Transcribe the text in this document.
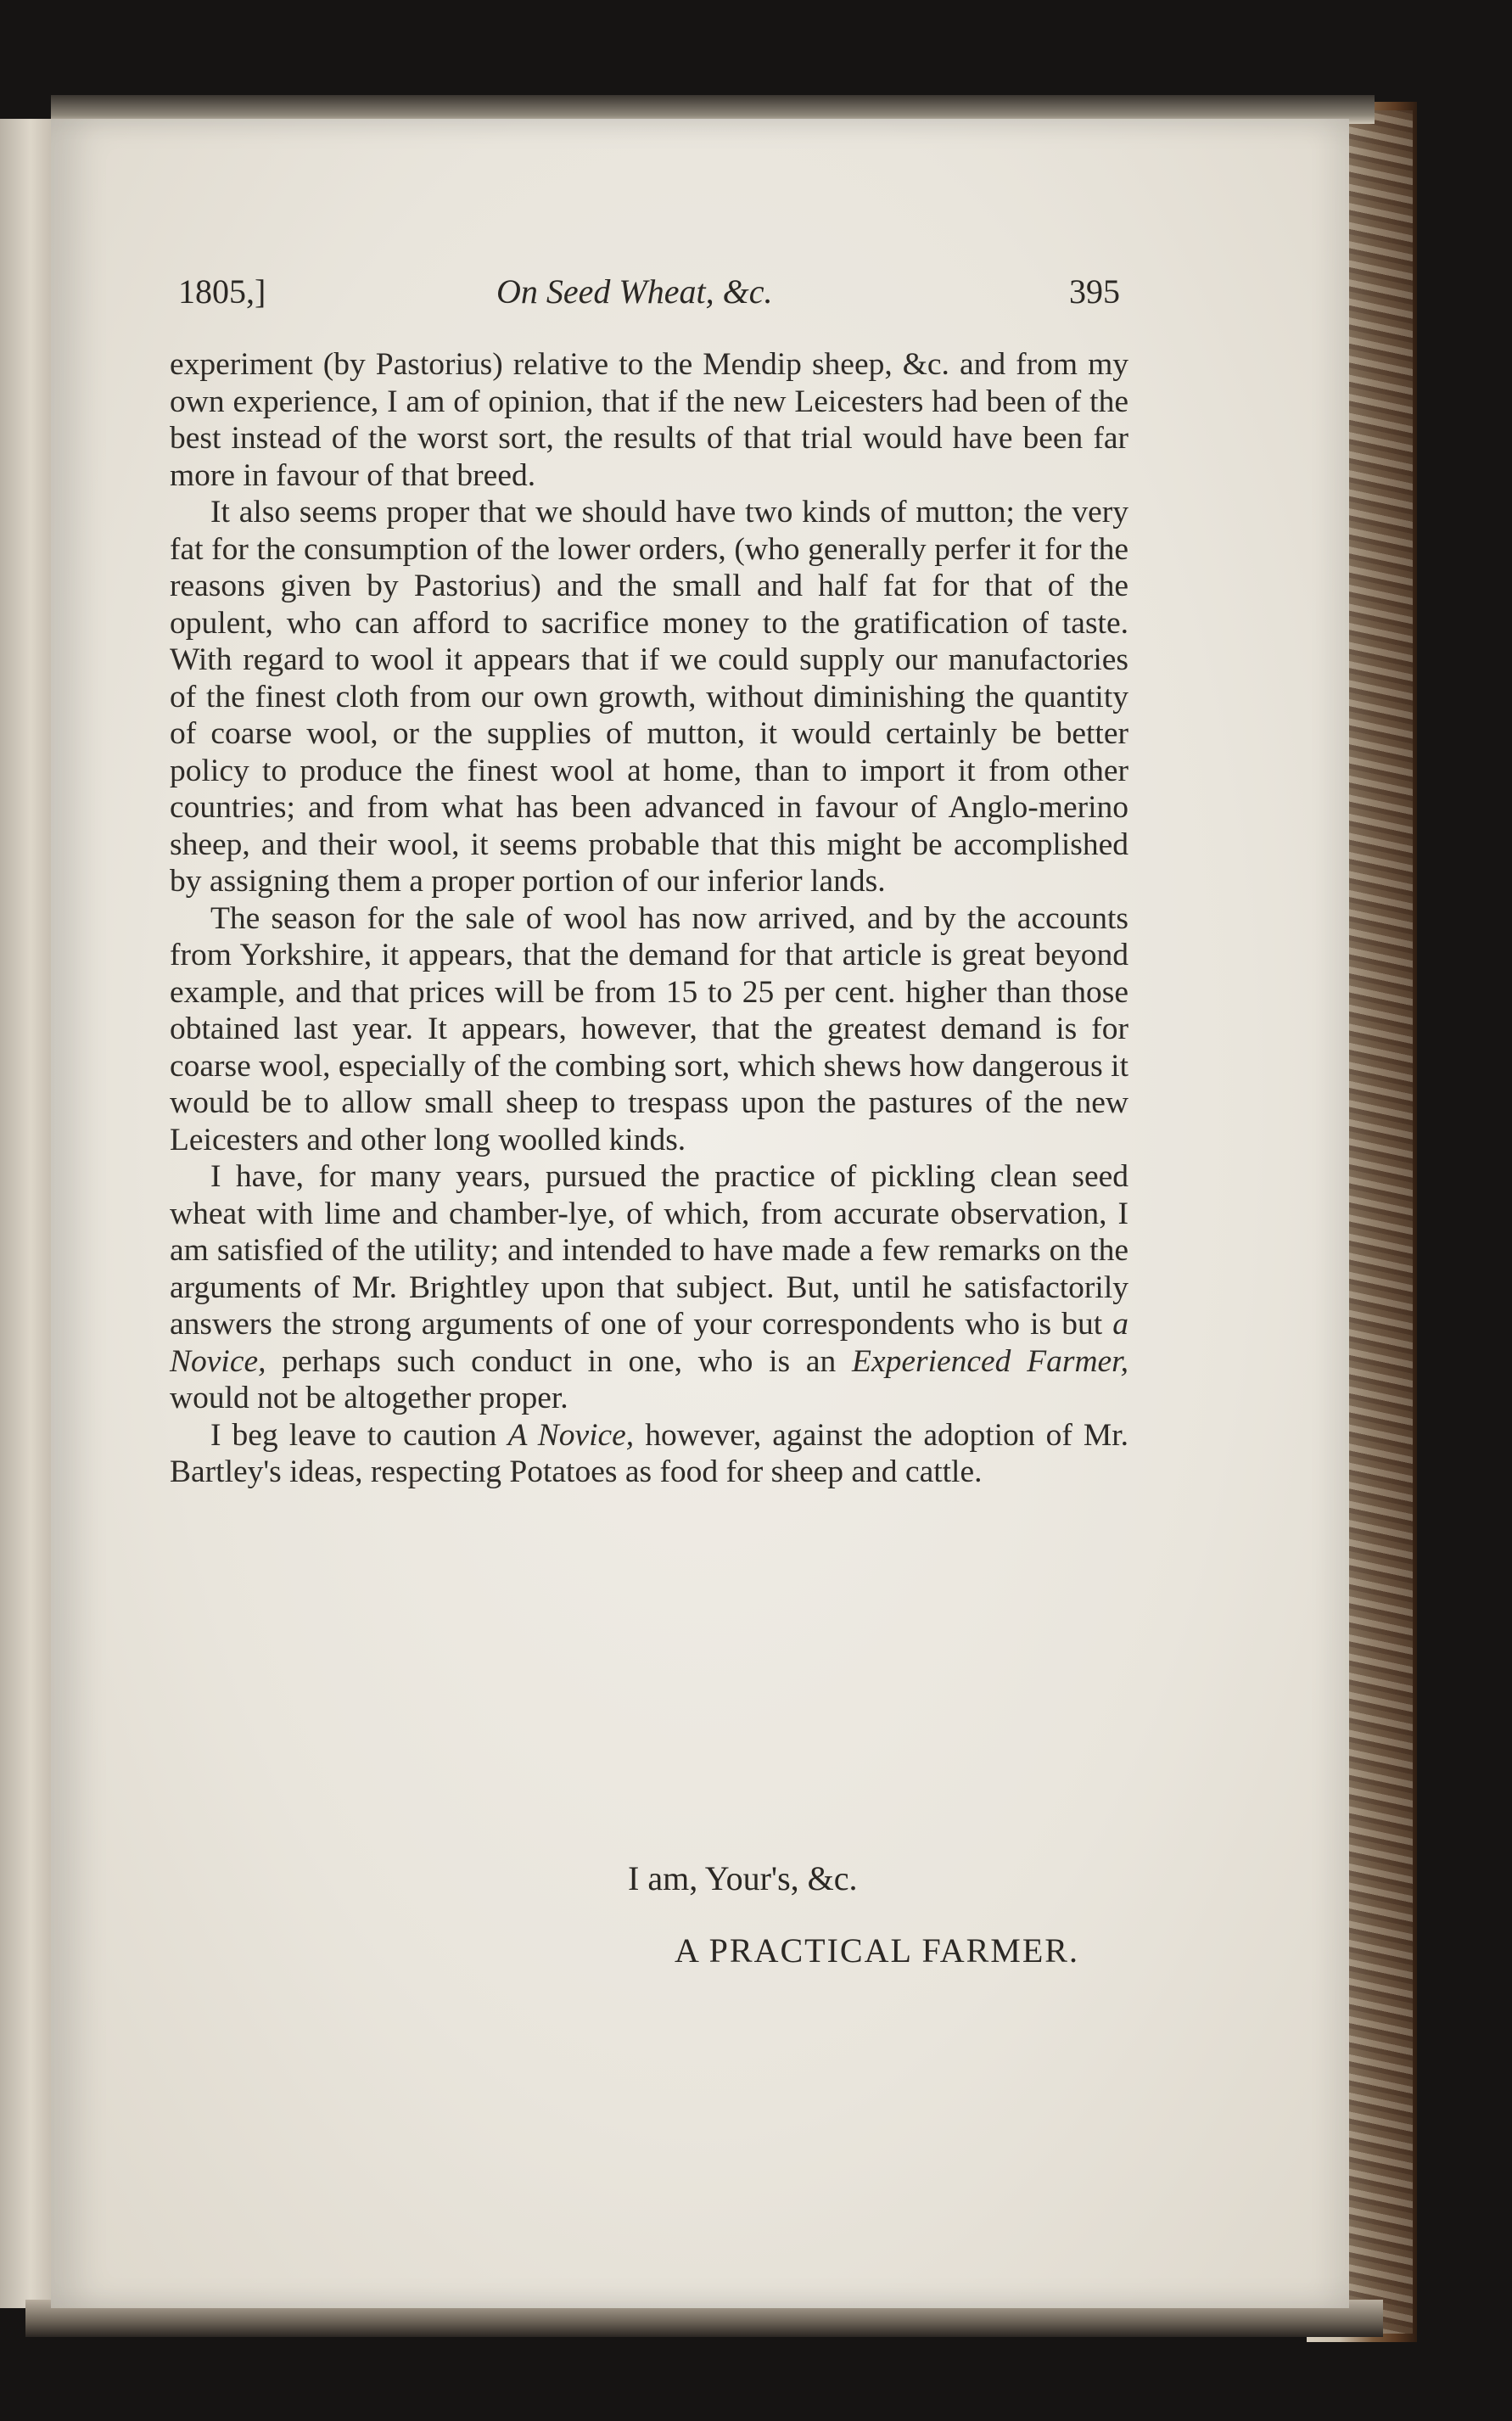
1805,]	On Seed Wheat, &c.	395

experiment (by Pastorius) relative to the Mendip sheep, &c. and from my own experience, I am of opinion, that if the new Leicesters had been of the best instead of the worst sort, the results of that trial would have been far more in favour of that breed.

It also seems proper that we should have two kinds of mutton; the very fat for the consumption of the lower orders, (who generally perfer it for the reasons given by Pastorius) and the small and half fat for that of the opulent, who can afford to sacrifice money to the gratification of taste. With regard to wool it appears that if we could supply our manufactories of the finest cloth from our own growth, without diminishing the quantity of coarse wool, or the supplies of mutton, it would certainly be better policy to produce the finest wool at home, than to import it from other countries; and from what has been advanced in favour of Anglo-merino sheep, and their wool, it seems probable that this might be accomplished by assigning them a proper portion of our inferior lands.

The season for the sale of wool has now arrived, and by the accounts from Yorkshire, it appears, that the demand for that article is great beyond example, and that prices will be from 15 to 25 per cent. higher than those obtained last year. It appears, however, that the greatest demand is for coarse wool, especially of the combing sort, which shews how dangerous it would be to allow small sheep to trespass upon the pastures of the new Leicesters and other long woolled kinds.

I have, for many years, pursued the practice of pickling clean seed wheat with lime and chamber-lye, of which, from accurate observation, I am satisfied of the utility; and intended to have made a few remarks on the arguments of Mr. Brightley upon that subject. But, until he satisfactorily answers the strong arguments of one of your correspondents who is but a Novice, perhaps such conduct in one, who is an Experienced Farmer, would not be altogether proper.

I beg leave to caution A Novice, however, against the adoption of Mr. Bartley's ideas, respecting Potatoes as food for sheep and cattle.

I am, Your's, &c.
A PRACTICAL FARMER.
